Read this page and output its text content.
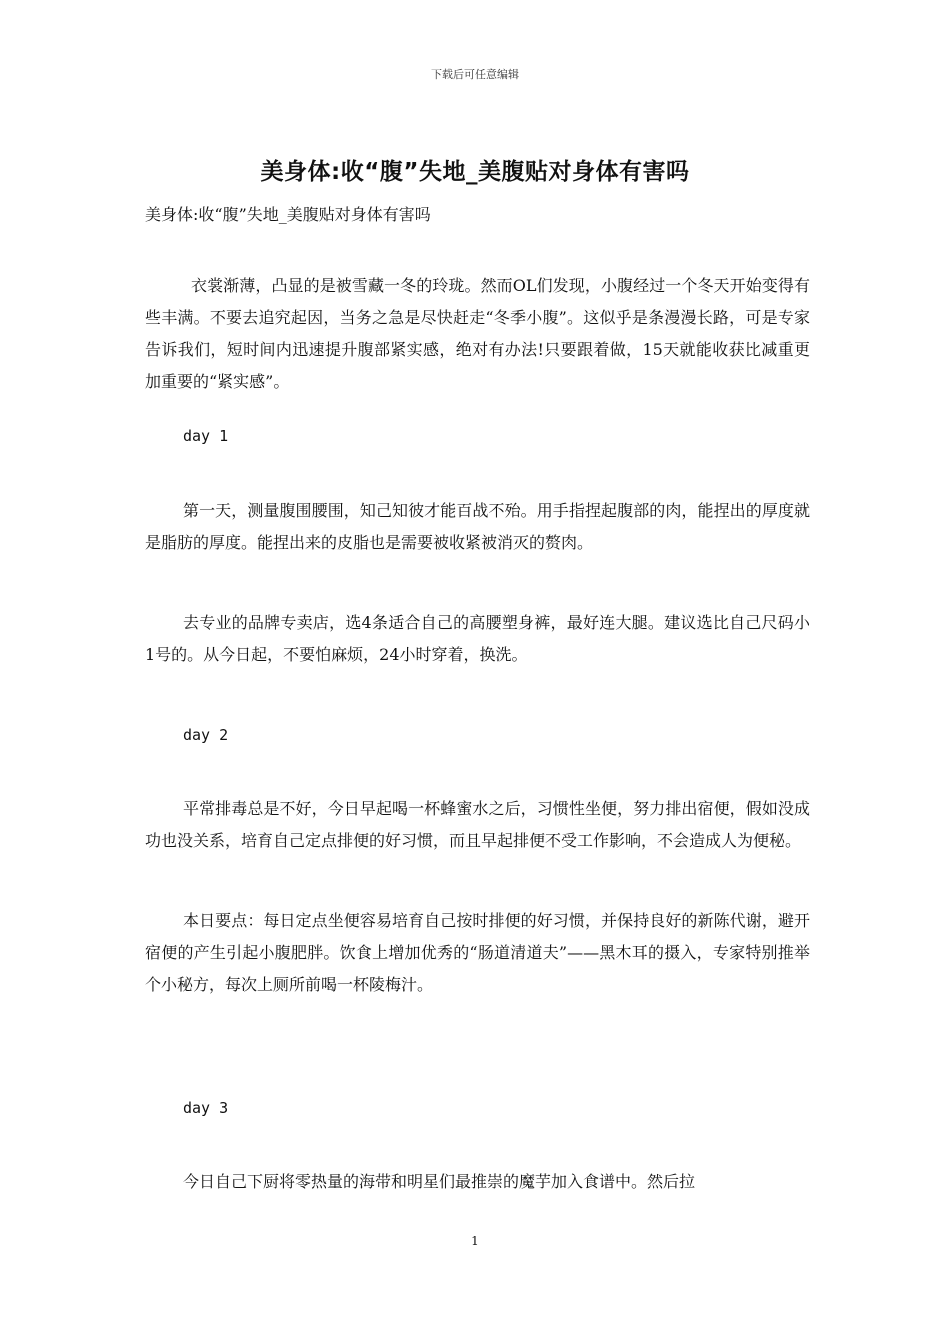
下载后可任意编辑
美身体:收“腹”失地_美腹贴对身体有害吗
美身体:收“腹”失地_美腹贴对身体有害吗
衣裳渐薄，凸显的是被雪藏一冬的玲珑。然而OL们发现，小腹经过一个冬天开始变得有些丰满。不要去追究起因，当务之急是尽快赶走“冬季小腹”。这似乎是条漫漫长路，可是专家告诉我们，短时间内迅速提升腹部紧实感，绝对有办法!只要跟着做，15天就能收获比减重更加重要的“紧实感”。
day 1
第一天，测量腹围腰围，知己知彼才能百战不殆。用手指捏起腹部的肉，能捏出的厚度就是脂肪的厚度。能捏出来的皮脂也是需要被收紧被消灭的赘肉。
去专业的品牌专卖店，选4条适合自己的高腰塑身裤，最好连大腿。建议选比自己尺码小1号的。从今日起，不要怕麻烦，24小时穿着，换洗。
day 2
平常排毒总是不好，今日早起喝一杯蜂蜜水之后，习惯性坐便，努力排出宿便，假如没成功也没关系，培育自己定点排便的好习惯，而且早起排便不受工作影响，不会造成人为便秘。
本日要点：每日定点坐便容易培育自己按时排便的好习惯，并保持良好的新陈代谢，避开宿便的产生引起小腹肥胖。饮食上增加优秀的“肠道清道夫”——黑木耳的摄入，专家特别推举个小秘方，每次上厕所前喝一杯陵梅汁。
day 3
今日自己下厨将零热量的海带和明星们最推崇的魔芋加入食谱中。然后拉
1
